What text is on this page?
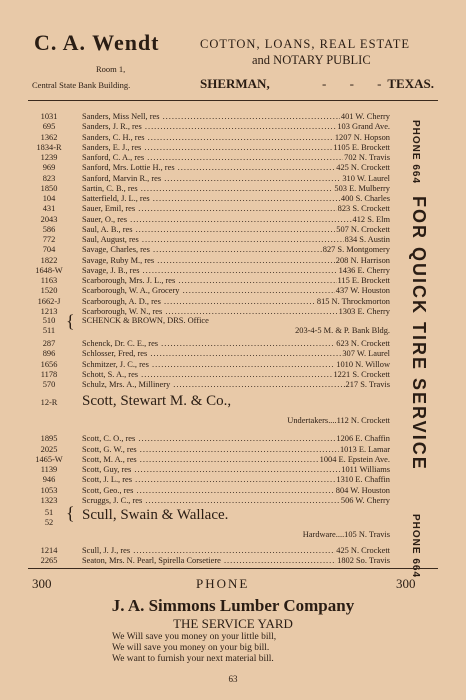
C. A. Wendt	COTTON, LOANS, REAL ESTATE
and NOTARY PUBLIC
Room 1,
Central State Bank Building.	SHERMAN,	- - -
TEXAS.
1031	Sanders, Miss Nell, res .....	401 W. Cherry
695	Sanders, J. R., res .....	103 Grand Ave.
1362	Sanders, C. H., res .....	1207 N. Hopson
1834-R	Sanders, E. J., res .....	1105 E. Brockett
1239	Sanford, C. A., res .....	702 N. Travis
969	Sanford, Mrs. Lottie H., res .....	425 N. Crockett
823	Sanford, Marvin R., res .....	310 W. Laurel
1850	Sartin, C. B., res .....	503 E. Mulberry
104	Satterfield, J. L., res .....	400 S. Charles
431	Sauer, Emil, res .....	823 S. Crockett
2043	Sauer, O., res .....	412 S. Elm
586	Saul, A. B., res .....	507 N. Crockett
772	Saul, August, res .....	834 S. Austin
704	Savage, Charles, res .....	827 S. Montgomery
1822	Savage, Ruby M., res .....	208 N. Harrison
1648-W	Savage, J. B., res .....	1436 E. Cherry
1163	Scarborough, Mrs. J. L., res .....	115 E. Brockett
1520	Scarborough, W. A., Grocery .....	437 W. Houston
1662-J	Scarborough, A. D., res .....	815 N. Throckmorton
1213	Scarborough, W. N., res .....	1303 E. Cherry
510
511 { SCHENCK & BROWN, DRS. Office
203-4-5 M. & P. Bank Bldg.
287	Schenck, Dr. C. E., res .....	623 N. Crockett
896	Schlosser, Fred, res .....	307 W. Laurel
1656	Schmitzer, J. C., res .....	1010 N. Willow
1178	Schott, S. A., res .....	1221 S. Crockett
570	Schulz, Mrs. A., Millinery .....	217 S. Travis
12-R	Scott, Stewart M. & Co.,
Undertakers....112 N. Crockett
1895	Scott, C. O., res .....	1206 E. Chaffin
2025	Scott, G. W., res .....	1013 E. Lamar
1465-W	Scott, M. A., res .....	1004 E. Epstein Ave.
1139	Scott, Guy, res .....	1011 Williams
946	Scott, J. L., res .....	1310 E. Chaffin
1053	Scott, Geo., res .....	804 W. Houston
1323	Scruggs, J. C., res .....	506 W. Cherry
51
52 { Scull, Swain & Wallace.
Hardware....105 N. Travis
1214	Scull, J. J., res .....	425 N. Crockett
2265	Seaton, Mrs. N. Pearl, Spirella Corsetiere .....	1802 So. Travis
PHONE 664
FOR QUICK TIRE SERVICE
PHONE 664
300	PHONE	300
J. A. Simmons Lumber Company
THE SERVICE YARD
We Will save you money on your little bill,
We will save you money on your big bill.
We want to furnish your next material bill.
63
